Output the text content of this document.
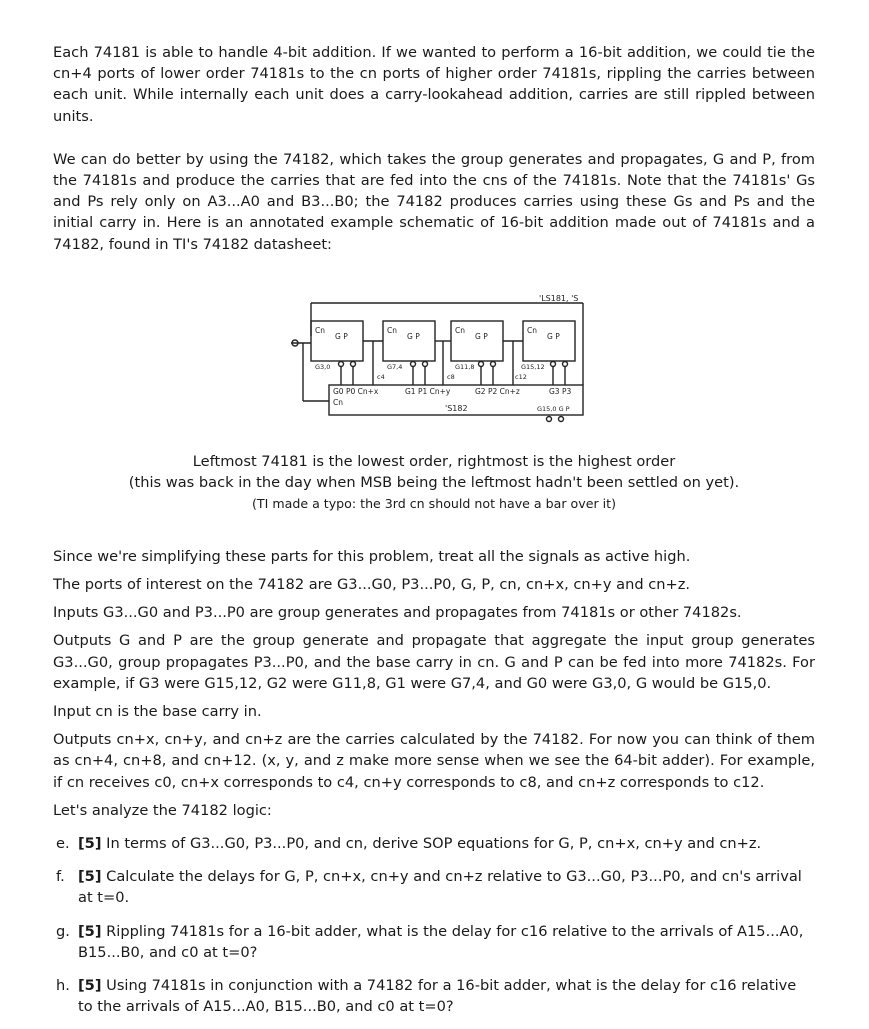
Each 74181 is able to handle 4-bit addition. If we wanted to perform a 16-bit addition, we could tie the cn+4 ports of lower order 74181s to the cn ports of higher order 74181s, rippling the carries between each unit. While internally each unit does a carry-lookahead addition, carries are still rippled between units.

We can do better by using the 74182, which takes the group generates and propagates, G and P, from the 74181s and produce the carries that are fed into the cns of the 74181s. Note that the 74181s' Gs and Ps rely only on A3...A0 and B3...B0; the 74182 produces carries using these Gs and Ps and the initial carry in. Here is an annotated example schematic of 16-bit addition made out of 74181s and a 74182, found in TI's 74182 datasheet:

'LS181, 'S
Cn
G P
Cn
G P
Cn
G P
Cn
G P
G3,0	G7,4	G11,8	G15,12
c4	c8	c12
G0 P0 Cn+x	G1 P1 Cn+y	G2 P2 Cn+z	G3 P3
Cn
'S182	G15,0 G P
Leftmost 74181 is the lowest order, rightmost is the highest order
(this was back in the day when MSB being the leftmost hadn't been settled on yet).
(TI made a typo: the 3rd cn should not have a bar over it)

Since we're simplifying these parts for this problem, treat all the signals as active high.

The ports of interest on the 74182 are G3...G0, P3...P0, G, P, cn, cn+x, cn+y and cn+z.

Inputs G3...G0 and P3...P0 are group generates and propagates from 74181s or other 74182s.

Outputs G and P are the group generate and propagate that aggregate the input group generates G3...G0, group propagates P3...P0, and the base carry in cn. G and P can be fed into more 74182s. For example, if G3 were G15,12, G2 were G11,8, G1 were G7,4, and G0 were G3,0, G would be G15,0.

Input cn is the base carry in.

Outputs cn+x, cn+y, and cn+z are the carries calculated by the 74182. For now you can think of them as cn+4, cn+8, and cn+12. (x, y, and z make more sense when we see the 64-bit adder). For example, if cn receives c0, cn+x corresponds to c4, cn+y corresponds to c8, and cn+z corresponds to c12.

Let's analyze the 74182 logic:

e. [5] In terms of G3...G0, P3...P0, and cn, derive SOP equations for G, P, cn+x, cn+y and cn+z.
f. [5] Calculate the delays for G, P, cn+x, cn+y and cn+z relative to G3...G0, P3...P0, and cn's arrival at t=0.
g. [5] Rippling 74181s for a 16-bit adder, what is the delay for c16 relative to the arrivals of A15...A0, B15...B0, and c0 at t=0?
h. [5] Using 74181s in conjunction with a 74182 for a 16-bit adder, what is the delay for c16 relative to the arrivals of A15...A0, B15...B0, and c0 at t=0?
